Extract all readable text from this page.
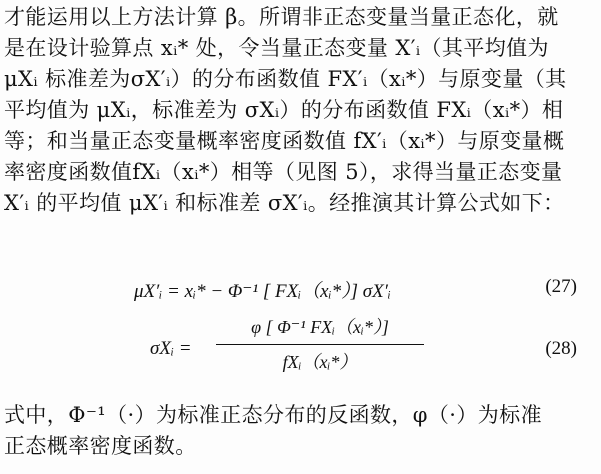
才能运用以上方法计算 β。所谓非正态变量当量正态化，就
是在设计验算点 xᵢ* 处，令当量正态变量 X′ᵢ（其平均值为
μXᵢ 标准差为σX′ᵢ）的分布函数值 FX′ᵢ（xᵢ*）与原变量（其
平均值为 μXᵢ，标准差为 σXᵢ）的分布函数值 FXᵢ（xᵢ*）相
等；和当量正态变量概率密度函数值 fX′ᵢ（xᵢ*）与原变量概
率密度函数值fXᵢ（xᵢ*）相等（见图 5），求得当量正态变量
X′ᵢ 的平均值 μX′ᵢ 和标准差 σX′ᵢ。经推演其计算公式如下：
μX′ᵢ = xᵢ* − Φ⁻¹ [ FXᵢ（xᵢ*）] σX′ᵢ	(27)
σXᵢ =
φ [ Φ⁻¹ FXᵢ（xᵢ*）]
fXᵢ（xᵢ*）
(28)
式中，Φ⁻¹（·）为标准正态分布的反函数，φ（·）为标准
正态概率密度函数。
